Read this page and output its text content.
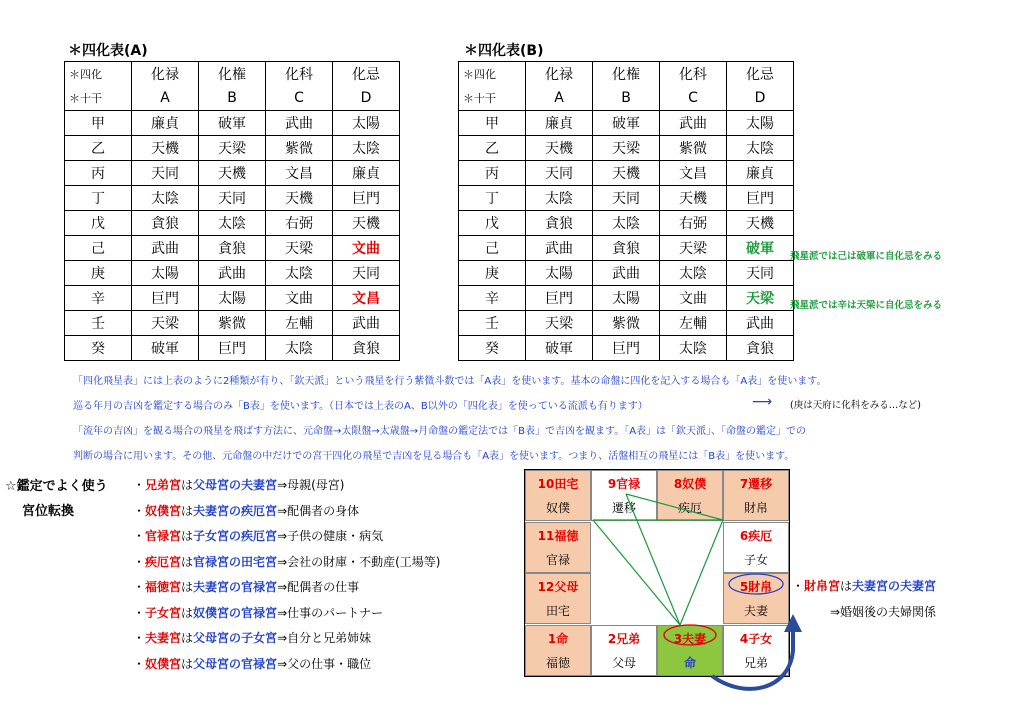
＊四化表(A)
＊四化	化禄	化権	化科	化忌
＊十干	A	B	C	D
甲	廉貞	破軍	武曲	太陽
乙	天機	天梁	紫微	太陰
丙	天同	天機	文昌	廉貞
丁	太陰	天同	天機	巨門
戊	貪狼	太陰	右弼	天機
己	武曲	貪狼	天梁	文曲
庚	太陽	武曲	太陰	天同
辛	巨門	太陽	文曲	文昌
壬	天梁	紫微	左輔	武曲
癸	破軍	巨門	太陰	貪狼
＊四化表(B)
＊四化	化禄	化権	化科	化忌
＊十干	A	B	C	D
甲	廉貞	破軍	武曲	太陽
乙	天機	天梁	紫微	太陰
丙	天同	天機	文昌	廉貞
丁	太陰	天同	天機	巨門
戊	貪狼	太陰	右弼	天機
己	武曲	貪狼	天梁	破軍
庚	太陽	武曲	太陰	天同
辛	巨門	太陽	文曲	天梁
壬	天梁	紫微	左輔	武曲
癸	破軍	巨門	太陰	貪狼
飛星派では己は破軍に自化忌をみる
飛星派では辛は天梁に自化忌をみる
「四化飛星表」には上表のように2種類が有り、「欽天派」という飛星を行う紫微斗数では「A表」を使います。基本の命盤に四化を記入する場合も「A表」を使います。
巡る年月の吉凶を鑑定する場合のみ「B表」を使います。（日本では上表のA、B以外の「四化表」を使っている流派も有ります）	⟶ (庚は天府に化科をみる…など)
「流年の吉凶」を観る場合の飛星を飛ばす方法に、元命盤→太限盤→太歳盤→月命盤の鑑定法では「B表」で吉凶を観ます。「A表」は「欽天派」、「命盤の鑑定」での
判断の場合に用います。その他、元命盤の中だけでの宮干四化の飛星で吉凶を見る場合も「A表」を使います。つまり、活盤相互の飛星には「B表」を使います。
☆鑑定でよく使う
宮位転換
・兄弟宮は父母宮の夫妻宮⇒母親(母宮)
・奴僕宮は夫妻宮の疾厄宮⇒配偶者の身体
・官禄宮は子女宮の疾厄宮⇒子供の健康・病気
・疾厄宮は官禄宮の田宅宮⇒会社の財庫・不動産(工場等)
・福徳宮は夫妻宮の官禄宮⇒配偶者の仕事
・子女宮は奴僕宮の官禄宮⇒仕事のパートナー
・夫妻宮は父母宮の子女宮⇒自分と兄弟姉妹
・奴僕宮は父母宮の官禄宮⇒父の仕事・職位
10田宅
奴僕
9官禄
遷移
8奴僕
疾厄
7遷移
財帛
11福徳
官禄
6疾厄
子女
12父母
田宅
5財帛
夫妻
1命
福徳
2兄弟
父母
3夫妻
命
4子女
兄弟
・財帛宮は夫妻宮の夫妻宮
⇒婚姻後の夫婦関係
